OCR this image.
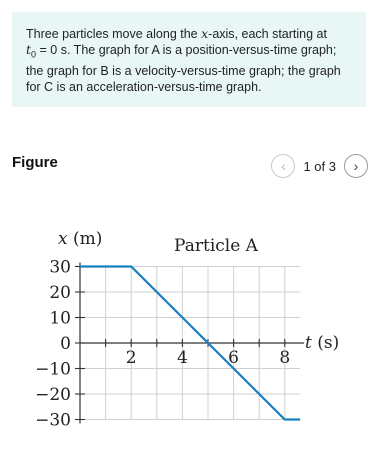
Three particles move along the x-axis, each starting at
$t_0 = 0$ s. The graph for A is a position-versus-time graph;
the graph for B is a velocity-versus-time graph; the graph
for C is an acceleration-versus-time graph.
Figure	‹ 1 of 3 ›
30
20
10
0
−10
−20
−30
2 4 6 8
Particle A
x (m)
t (s)
